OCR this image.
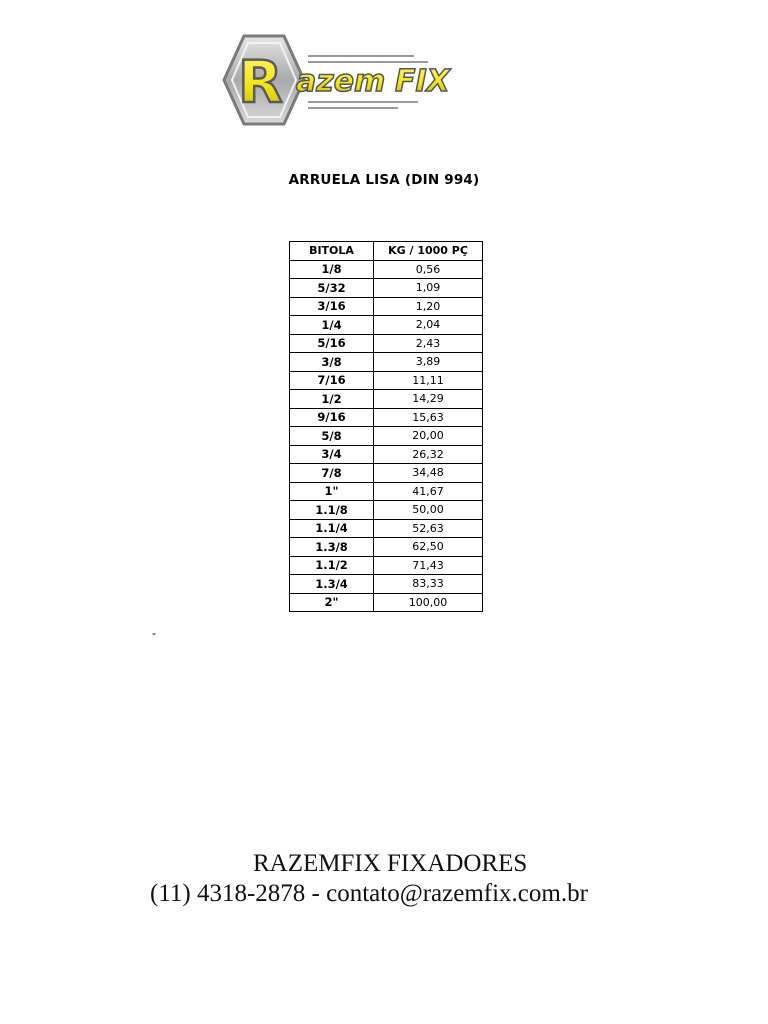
R azem FIX
ARRUELA LISA (DIN 994)
BITOLA	KG / 1000 PÇ
1/8	0,56
5/32	1,09
3/16	1,20
1/4	2,04
5/16	2,43
3/8	3,89
7/16	11,11
1/2	14,29
9/16	15,63
5/8	20,00
3/4	26,32
7/8	34,48
1"	41,67
1.1/8	50,00
1.1/4	52,63
1.3/8	62,50
1.1/2	71,43
1.3/4	83,33
2"	100,00
-
RAZEMFIX FIXADORES
(11) 4318-2878 - contato@razemfix.com.br
